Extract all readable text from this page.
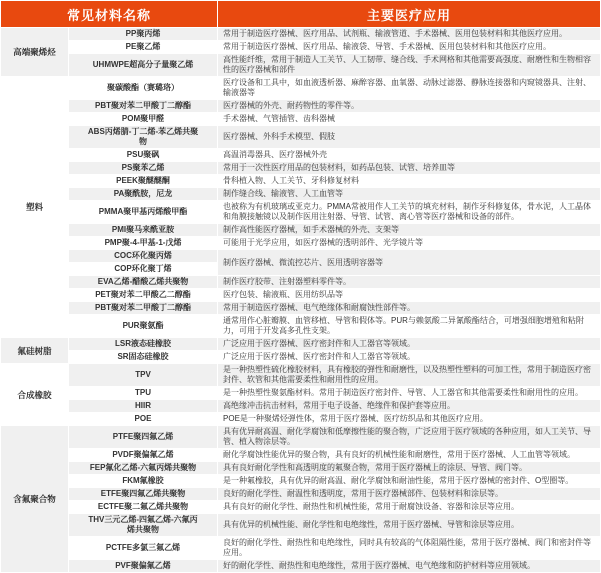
常见材料名称		主要医疗应用
高端聚烯烃	PP聚丙烯	常用于制造医疗器械、医疗用品、试剂瓶、输液管道、手术器械、医用包装材料和其他医疗应用。
	PE聚乙烯	常用于制造医疗器械、医疗用品、输液袋、导管、手术器械、医用包装材料和其他医疗应用。
	UHMWPE超高分子量聚乙烯	高性能纤维，常用于制造人工关节、人工韧带、缝合线、手术网格和其他需要高强度、耐磨性和生物相容性的医疗器械和部件
塑料	聚碳酸酯（赛璐珞）	医疗设备和工具中，如血液透析器、麻醉容器、血氧器、动脉过滤器、静脉连接器和内窥镜器具、注射、输液器等
	PBT聚对苯二甲酸丁二醇酯	医疗器械的外壳、耐药物性的零件等。
	POM聚甲醛	手术器械、气管插管、齿科器械
	ABS丙烯腈-丁二烯-苯乙烯共聚物	医疗器械、外科手术模型、假肢
	PSU聚砜	高温消毒器具、医疗器械外壳
	PS聚苯乙烯	常用于一次性医疗用品的包装材料，如药品包装、试管、培养皿等
	PEEK聚醚醚酮	骨科植入物、人工关节、牙科修复材料
	PA聚酰胺，尼龙	制作缝合线、输液管、人工血管等
	PMMA聚甲基丙烯酸甲酯	也被称为有机玻璃或亚克力。PMMA常被用作人工关节的填充材料，制作牙科修复体，骨水泥，人工晶体和角膜接触镜以及制作医用注射器、导管、试管、离心管等医疗器械和设备的部件。
	PMI聚马来酰亚胺	制作高性能医疗器械，如手术器械的外壳、支架等
	PMP聚-4-甲基-1-戊烯	可能用于光学应用，如医疗器械的透明部件、光学镜片等
	COC环化聚丙烯	制作医疗器械、微流控芯片、医用透明容器等
	COP环化聚丁烯	
	EVA乙烯-醋酸乙烯共聚物	制作医疗胶带、注射器塑料零件等。
	PET聚对苯二甲酸乙二醇酯	医疗包装、输液瓶、医用纺织品等
	PBT聚对苯二甲酸丁二醇酯	常用于制造医疗器械、电气绝缘体和耐腐蚀性部件等。
	PUR聚氨酯	通常用作心脏瓣膜、血管移植、导管和假体等。PUR与赖氨酸二异氰酸酯结合，可增强细胞增殖和粘附力，可用于开发高多孔性支架。
氟硅树脂	LSR液态硅橡胶	广泛应用于医疗器械、医疗密封件和人工器官等领域。
	SR固态硅橡胶	广泛应用于医疗器械、医疗密封件和人工器官等领域。
合成橡胶	TPV	是一种热塑性硫化橡胶材料，具有橡胶的弹性和耐磨性，以及热塑性塑料的可加工性，常用于制造医疗密封件、软管和其他需要柔性和耐用性的应用。
	TPU	是一种热塑性聚氨酯材料。常用于制造医疗密封件、导管、人工器官和其他需要柔性和耐用性的应用。
	HIIR	高绝缘冲击抗击材料，常用于电子设备、绝缘件和保护套等应用。
	POE	POE是一种聚烯烃弹性体，常用于医疗器械、医疗纺织品和其他医疗应用。
含氟聚合物	PTFE聚四氟乙烯	具有优异耐高温、耐化学腐蚀和低摩擦性能的聚合物，广泛应用于医疗领域的各种应用，如人工关节、导管、植入物涂层等。
	PVDF聚偏氟乙烯	耐化学腐蚀性能优异的聚合物，具有良好的机械性能和耐磨性，常用于医疗器械、人工血管等领域。
	FEP氟化乙烯-六氟丙烯共聚物	具有良好耐化学性和高透明度的氟聚合物，常用于医疗器械上的涂层、导管、阀门等。
	FKM氟橡胶	是一种氟橡胶，具有优异的耐高温、耐化学腐蚀和耐油性能，常用于医疗器械的密封件、O型圈等。
	ETFE聚四氟乙烯共聚物	良好的耐化学性、耐温性和透明度，常用于医疗器械部件、包装材料和涂层等。
	ECTFE聚二氟乙烯共聚物	具有良好的耐化学性、耐热性和机械性能，常用于耐腐蚀设备、容器和涂层等应用。
	THV三元乙烯-四氟乙烯-六氟丙烯共聚物	具有优异的机械性能、耐化学性和电绝缘性，常用于医疗器械、导管和涂层等应用。
	PCTFE多氯三氟乙烯	良好的耐化学性、耐热性和电绝缘性，同时具有较高的气体阻隔性能，常用于医疗器械、阀门和密封件等应用。
	PVF聚偏氟乙烯	好的耐化学性、耐热性和电绝缘性，常用于医疗器械、电气绝缘和防护材料等应用领域。
